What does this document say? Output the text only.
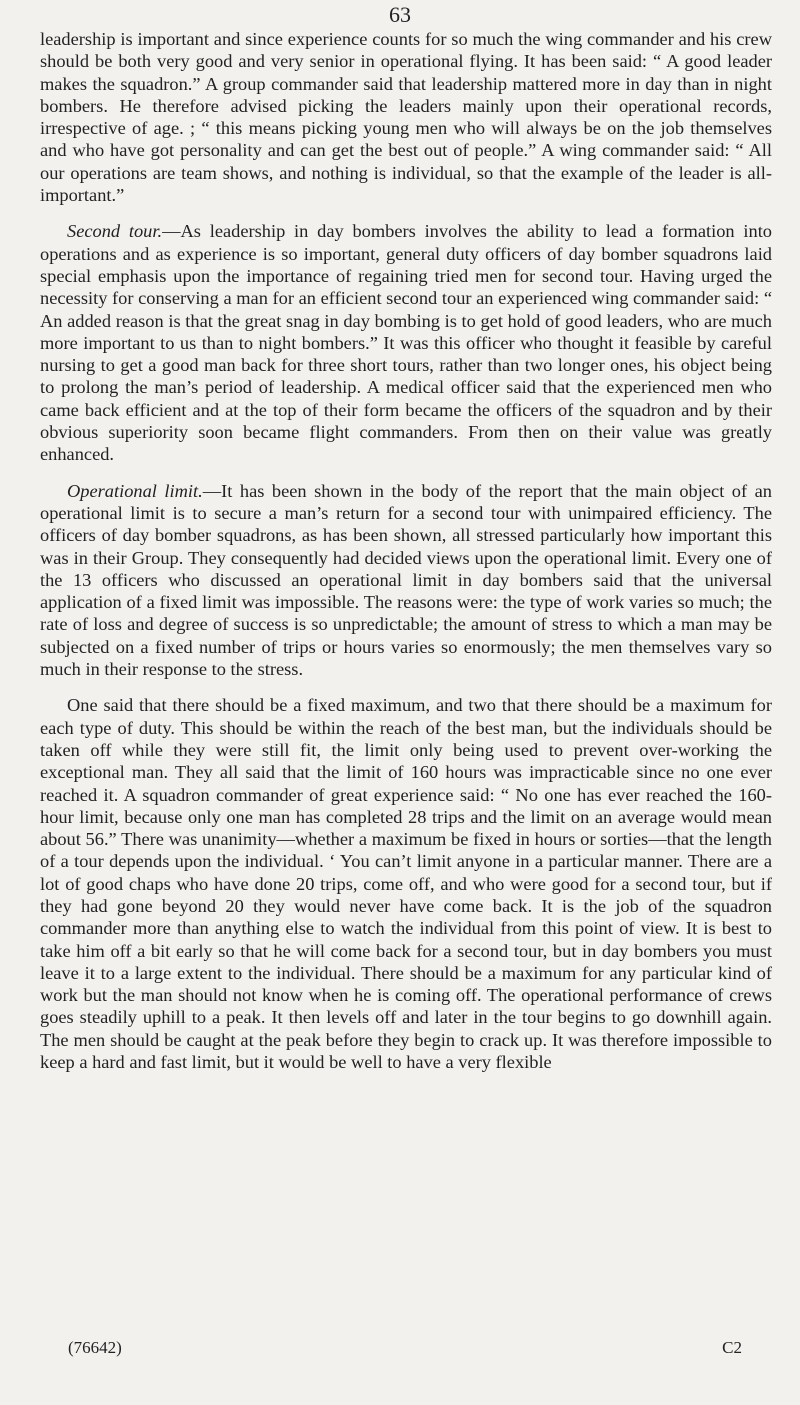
63

leadership is important and since experience counts for so much the wing commander and his crew should be both very good and very senior in operational flying. It has been said: “ A good leader makes the squadron.” A group commander said that leadership mattered more in day than in night bombers. He therefore advised picking the leaders mainly upon their operational records, irrespective of age. ; “ this means picking young men who will always be on the job themselves and who have got personality and can get the best out of people.” A wing commander said: “ All our operations are team shows, and nothing is individual, so that the example of the leader is all-important.”

Second tour.—As leadership in day bombers involves the ability to lead a formation into operations and as experience is so important, general duty officers of day bomber squadrons laid special emphasis upon the importance of regaining tried men for second tour. Having urged the necessity for conserving a man for an efficient second tour an experienced wing commander said: “ An added reason is that the great snag in day bombing is to get hold of good leaders, who are much more important to us than to night bombers.” It was this officer who thought it feasible by careful nursing to get a good man back for three short tours, rather than two longer ones, his object being to prolong the man’s period of leadership. A medical officer said that the experienced men who came back efficient and at the top of their form became the officers of the squadron and by their obvious superiority soon became flight commanders. From then on their value was greatly enhanced.

Operational limit.—It has been shown in the body of the report that the main object of an operational limit is to secure a man’s return for a second tour with unimpaired efficiency. The officers of day bomber squadrons, as has been shown, all stressed particularly how important this was in their Group. They consequently had decided views upon the operational limit. Every one of the 13 officers who discussed an operational limit in day bombers said that the universal application of a fixed limit was impossible. The reasons were: the type of work varies so much; the rate of loss and degree of success is so unpredictable; the amount of stress to which a man may be subjected on a fixed number of trips or hours varies so enormously; the men themselves vary so much in their response to the stress.

One said that there should be a fixed maximum, and two that there should be a maximum for each type of duty. This should be within the reach of the best man, but the individuals should be taken off while they were still fit, the limit only being used to prevent over-working the exceptional man. They all said that the limit of 160 hours was impracticable since no one ever reached it. A squadron commander of great experience said: “ No one has ever reached the 160-hour limit, because only one man has completed 28 trips and the limit on an average would mean about 56.” There was unanimity—whether a maximum be fixed in hours or sorties—that the length of a tour depends upon the individual. ‘ You can’t limit anyone in a particular manner. There are a lot of good chaps who have done 20 trips, come off, and who were good for a second tour, but if they had gone beyond 20 they would never have come back. It is the job of the squadron commander more than anything else to watch the individual from this point of view. It is best to take him off a bit early so that he will come back for a second tour, but in day bombers you must leave it to a large extent to the individual. There should be a maximum for any particular kind of work but the man should not know when he is coming off. The operational performance of crews goes steadily uphill to a peak. It then levels off and later in the tour begins to go downhill again. The men should be caught at the peak before they begin to crack up. It was therefore impossible to keep a hard and fast limit, but it would be well to have a very flexible

(76642)	C2
